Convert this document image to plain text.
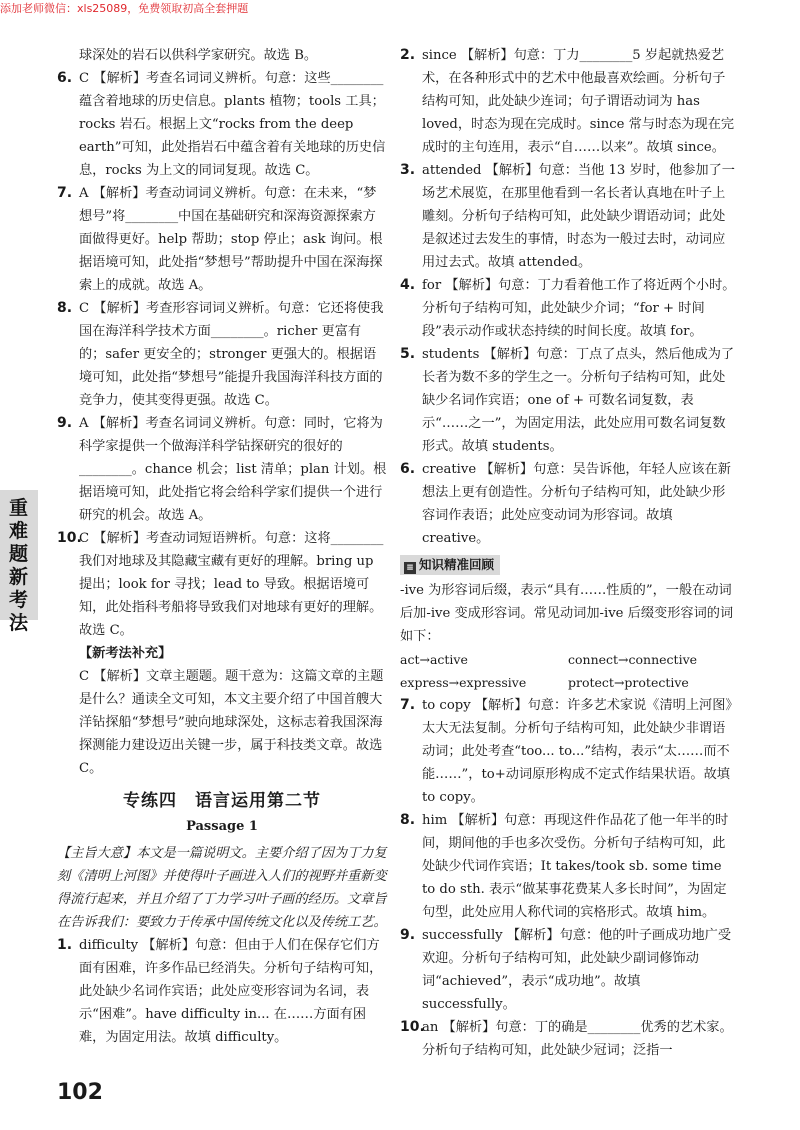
添加老师微信：xls25089，免费领取初高全套押题
重难题新考法

球深处的岩石以供科学家研究。故选 B。

6. C 【解析】考查名词词义辨析。句意：这些________蕴含着地球的历史信息。plants 植物；tools 工具；rocks 岩石。根据上文“rocks from the deep earth”可知，此处指岩石中蕴含着有关地球的历史信息，rocks 为上文的同词复现。故选 C。

7. A 【解析】考查动词词义辨析。句意：在未来，“梦想号”将________中国在基础研究和深海资源探索方面做得更好。help 帮助；stop 停止；ask 询问。根据语境可知，此处指“梦想号”帮助提升中国在深海探索上的成就。故选 A。

8. C 【解析】考查形容词词义辨析。句意：它还将使我国在海洋科学技术方面________。richer 更富有的；safer 更安全的；stronger 更强大的。根据语境可知，此处指“梦想号”能提升我国海洋科技方面的竞争力，使其变得更强。故选 C。

9. A 【解析】考查名词词义辨析。句意：同时，它将为科学家提供一个做海洋科学钻探研究的很好的________。chance 机会；list 清单；plan 计划。根据语境可知，此处指它将会给科学家们提供一个进行研究的机会。故选 A。

10.

C 【解析】考查动词短语辨析。句意：这将________我们对地球及其隐藏宝藏有更好的理解。bring up 提出；look for 寻找；lead to 导致。根据语境可知，此处指科考船将导致我们对地球有更好的理解。故选 C。

【新考法补充】

C 【解析】文章主题题。题干意为：这篇文章的主题是什么？通读全文可知，本文主要介绍了中国首艘大洋钻探船“梦想号”驶向地球深处，这标志着我国深海探测能力建设迈出关键一步，属于科技类文章。故选 C。

专练四　语言运用第二节
Passage 1

【主旨大意】本文是一篇说明文。主要介绍了因为丁力复刻《清明上河图》并使得叶子画进入人们的视野并重新变得流行起来，并且介绍了丁力学习叶子画的经历。文章旨在告诉我们：要致力于传承中国传统文化以及传统工艺。

1. difficulty 【解析】句意：但由于人们在保存它们方面有困难，许多作品已经消失。分析句子结构可知，此处缺少名词作宾语；此处应变形容词为名词，表示“困难”。have difficulty in... 在……方面有困难，为固定用法。故填 difficulty。

2. since 【解析】句意：丁力________5 岁起就热爱艺术，在各种形式中的艺术中他最喜欢绘画。分析句子结构可知，此处缺少连词；句子谓语动词为 has loved，时态为现在完成时。since 常与时态为现在完成时的主句连用，表示“自……以来”。故填 since。

3. attended 【解析】句意：当他 13 岁时，他参加了一场艺术展览，在那里他看到一名长者认真地在叶子上雕刻。分析句子结构可知，此处缺少谓语动词；此处是叙述过去发生的事情，时态为一般过去时，动词应用过去式。故填 attended。

4. for 【解析】句意：丁力看着他工作了将近两个小时。分析句子结构可知，此处缺少介词；“for + 时间段”表示动作或状态持续的时间长度。故填 for。

5. students 【解析】句意：丁点了点头，然后他成为了长者为数不多的学生之一。分析句子结构可知，此处缺少名词作宾语；one of + 可数名词复数，表示“……之一”，为固定用法，此处应用可数名词复数形式。故填 students。

6. creative 【解析】句意：吴告诉他，年轻人应该在新想法上更有创造性。分析句子结构可知，此处缺少形容词作表语；此处应变动词为形容词。故填 creative。

≡ 知识精准回顾

-ive 为形容词后缀，表示“具有……性质的”，一般在动词后加-ive 变成形容词。常见动词加-ive 后缀变形容词的词如下：

act→active	connect→connective
express→expressive	protect→protective
7. to copy 【解析】句意：许多艺术家说《清明上河图》太大无法复制。分析句子结构可知，此处缺少非谓语动词；此处考查“too... to...”结构，表示“太……而不能……”，to+动词原形构成不定式作结果状语。故填 to copy。

8. him 【解析】句意：再现这件作品花了他一年半的时间，期间他的手也多次受伤。分析句子结构可知，此处缺少代词作宾语；It takes/took sb. some time to do sth. 表示“做某事花费某人多长时间”，为固定句型，此处应用人称代词的宾格形式。故填 him。

9. successfully 【解析】句意：他的叶子画成功地广受欢迎。分析句子结构可知，此处缺少副词修饰动词“achieved”，表示“成功地”。故填 successfully。

10.

an 【解析】句意：丁的确是________优秀的艺术家。分析句子结构可知，此处缺少冠词；泛指一

102
